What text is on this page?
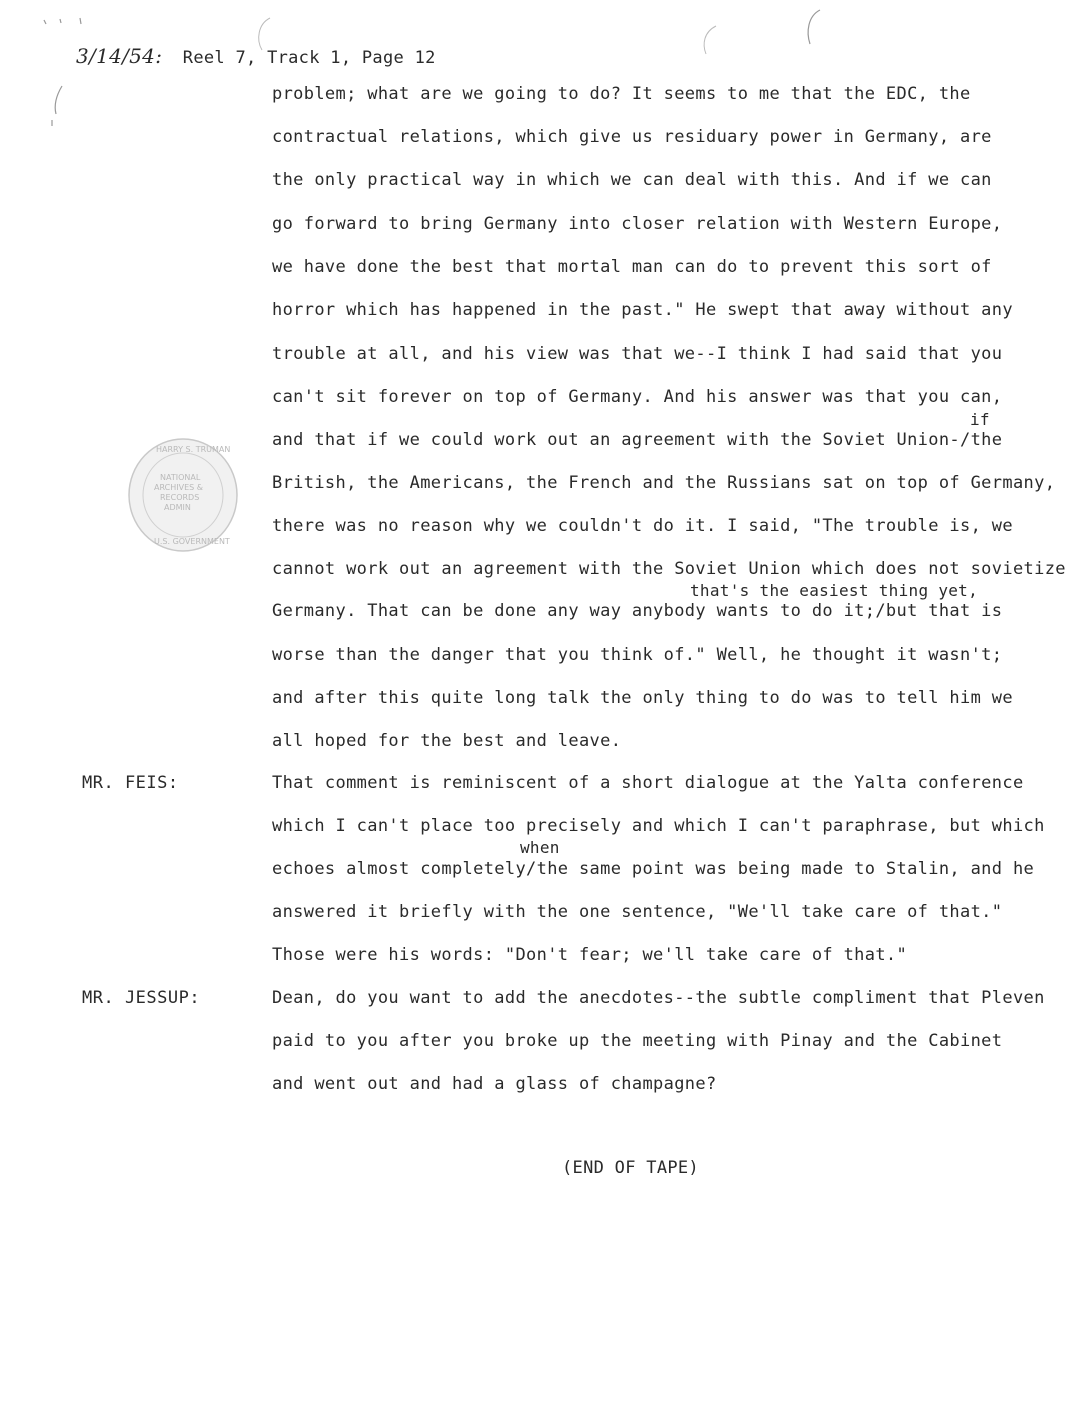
3/14/54: Reel 7, Track 1, Page 12
HARRY S. TRUMAN
NATIONAL
ARCHIVES &
RECORDS
ADMIN
U.S. GOVERNMENT
problem; what are we going to do? It seems to me that the EDC, the
contractual relations, which give us residuary power in Germany, are
the only practical way in which we can deal with this. And if we can
go forward to bring Germany into closer relation with Western Europe,
we have done the best that mortal man can do to prevent this sort of
horror which has happened in the past." He swept that away without any
trouble at all, and his view was that we--I think I had said that you
can't sit forever on top of Germany. And his answer was that you can,
if
and that if we could work out an agreement with the Soviet Union-/the
British, the Americans, the French and the Russians sat on top of Germany,
there was no reason why we couldn't do it. I said, "The trouble is, we
cannot work out an agreement with the Soviet Union which does not sovietize
that's the easiest thing yet,
Germany. That can be done any way anybody wants to do it;/but that is
worse than the danger that you think of." Well, he thought it wasn't;
and after this quite long talk the only thing to do was to tell him we
all hoped for the best and leave.
MR. FEIS:	That comment is reminiscent of a short dialogue at the Yalta conference
which I can't place too precisely and which I can't paraphrase, but which
when
echoes almost completely/the same point was being made to Stalin, and he
answered it briefly with the one sentence, "We'll take care of that."
Those were his words: "Don't fear; we'll take care of that."
MR. JESSUP:	Dean, do you want to add the anecdotes--the subtle compliment that Pleven
paid to you after you broke up the meeting with Pinay and the Cabinet
and went out and had a glass of champagne?
(END OF TAPE)
